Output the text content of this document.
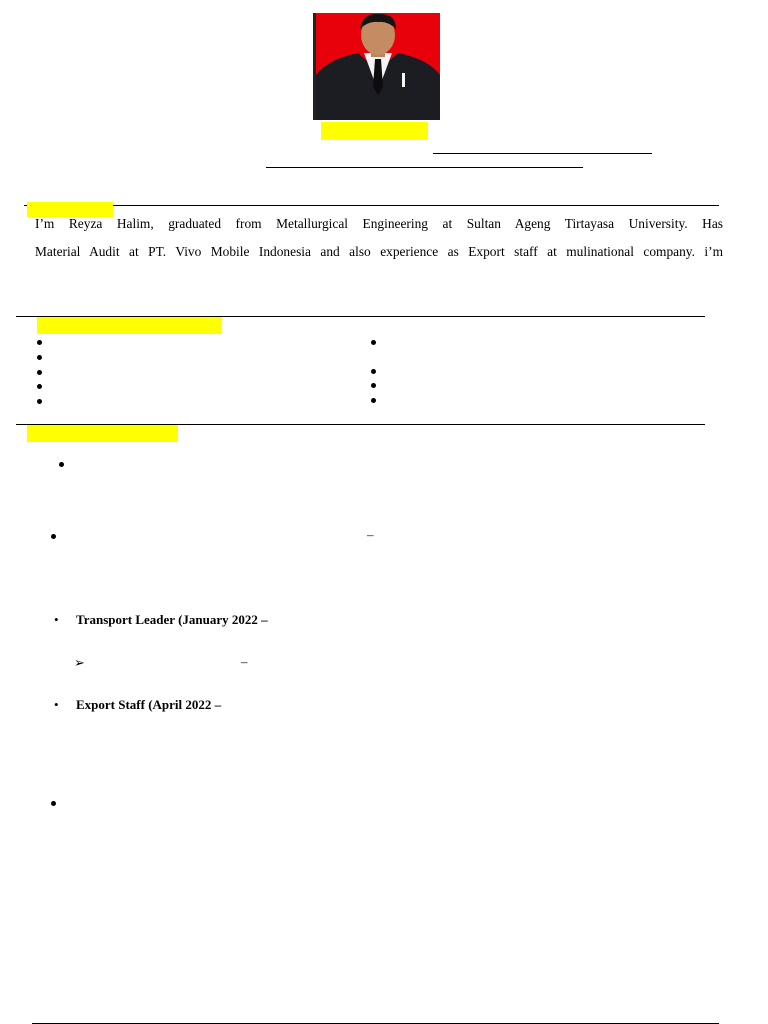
I’m Reyza Halim, graduated from Metallurgical Engineering at Sultan Ageng Tirtayasa University. Has
Material Audit at PT. Vivo Mobile Indonesia and also experience as Export staff at mulinational company. i’m
–
• Transport Leader (January 2022 –
➢	–
• Export Staff (April 2022 –
